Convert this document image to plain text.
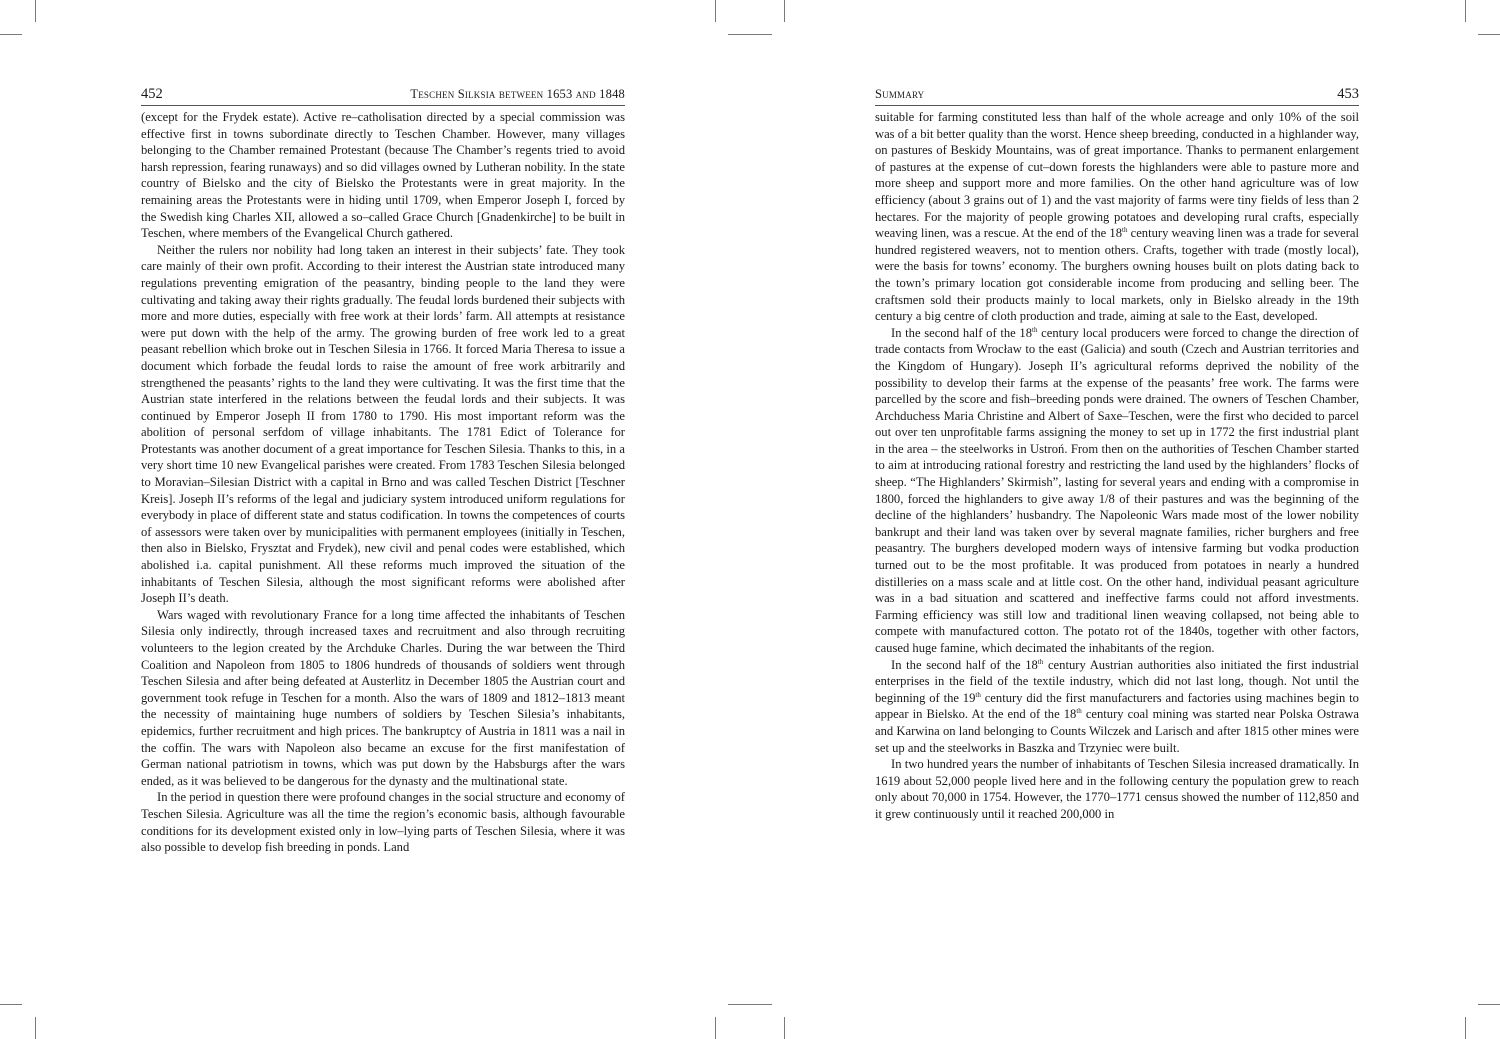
452	Teschen Silksia between 1653 and 1848

(except for the Frydek estate). Active re–catholisation directed by a special commission was effective first in towns subordinate directly to Teschen Chamber. However, many villages belonging to the Chamber remained Protestant (because The Chamber’s regents tried to avoid harsh repression, fearing runaways) and so did villages owned by Lutheran nobility. In the state country of Bielsko and the city of Bielsko the Protestants were in great majority. In the remaining areas the Protestants were in hiding until 1709, when Emperor Joseph I, forced by the Swedish king Charles XII, allowed a so–called Grace Church [Gnadenkirche] to be built in Teschen, where members of the Evangelical Church gathered.

Neither the rulers nor nobility had long taken an interest in their subjects’ fate. They took care mainly of their own profit. According to their interest the Austrian state introduced many regulations preventing emigration of the peasantry, binding people to the land they were cultivating and taking away their rights gradually. The feudal lords burdened their subjects with more and more duties, especially with free work at their lords’ farm. All attempts at resistance were put down with the help of the army. The growing burden of free work led to a great peasant rebellion which broke out in Teschen Silesia in 1766. It forced Maria Theresa to issue a document which forbade the feudal lords to raise the amount of free work arbitrarily and strengthened the peasants’ rights to the land they were cultivating. It was the first time that the Austrian state interfered in the relations between the feudal lords and their subjects. It was continued by Emperor Joseph II from 1780 to 1790. His most important reform was the abolition of personal serfdom of village inhabitants. The 1781 Edict of Tolerance for Protestants was another document of a great importance for Teschen Silesia. Thanks to this, in a very short time 10 new Evangelical parishes were created. From 1783 Teschen Silesia belonged to Moravian–Silesian District with a capital in Brno and was called Teschen District [Teschner Kreis]. Joseph II’s reforms of the legal and judiciary system introduced uniform regulations for everybody in place of different state and status codification. In towns the competences of courts of assessors were taken over by municipalities with permanent employees (initially in Teschen, then also in Bielsko, Frysztat and Frydek), new civil and penal codes were established, which abolished i.a. capital punishment. All these reforms much improved the situation of the inhabitants of Teschen Silesia, although the most significant reforms were abolished after Joseph II’s death.

Wars waged with revolutionary France for a long time affected the inhabitants of Teschen Silesia only indirectly, through increased taxes and recruitment and also through recruiting volunteers to the legion created by the Archduke Charles. During the war between the Third Coalition and Napoleon from 1805 to 1806 hundreds of thousands of soldiers went through Teschen Silesia and after being defeated at Austerlitz in December 1805 the Austrian court and government took refuge in Teschen for a month. Also the wars of 1809 and 1812–1813 meant the necessity of maintaining huge numbers of soldiers by Teschen Silesia’s inhabitants, epidemics, further recruitment and high prices. The bankruptcy of Austria in 1811 was a nail in the coffin. The wars with Napoleon also became an excuse for the first manifestation of German national patriotism in towns, which was put down by the Habsburgs after the wars ended, as it was believed to be dangerous for the dynasty and the multinational state.

In the period in question there were profound changes in the social structure and economy of Teschen Silesia. Agriculture was all the time the region’s economic basis, although favourable conditions for its development existed only in low–lying parts of Teschen Silesia, where it was also possible to develop fish breeding in ponds. Land

Summary	453

suitable for farming constituted less than half of the whole acreage and only 10% of the soil was of a bit better quality than the worst. Hence sheep breeding, conducted in a highlander way, on pastures of Beskidy Mountains, was of great importance. Thanks to permanent enlargement of pastures at the expense of cut–down forests the highlanders were able to pasture more and more sheep and support more and more families. On the other hand agriculture was of low efficiency (about 3 grains out of 1) and the vast majority of farms were tiny fields of less than 2 hectares. For the majority of people growing potatoes and developing rural crafts, especially weaving linen, was a rescue. At the end of the 18th century weaving linen was a trade for several hundred registered weavers, not to mention others. Crafts, together with trade (mostly local), were the basis for towns’ economy. The burghers owning houses built on plots dating back to the town’s primary location got considerable income from producing and selling beer. The craftsmen sold their products mainly to local markets, only in Bielsko already in the 19th century a big centre of cloth production and trade, aiming at sale to the East, developed.

In the second half of the 18th century local producers were forced to change the direction of trade contacts from Wrocław to the east (Galicia) and south (Czech and Austrian territories and the Kingdom of Hungary). Joseph II’s agricultural reforms deprived the nobility of the possibility to develop their farms at the expense of the peasants’ free work. The farms were parcelled by the score and fish–breeding ponds were drained. The owners of Teschen Chamber, Archduchess Maria Christine and Albert of Saxe–Teschen, were the first who decided to parcel out over ten unprofitable farms assigning the money to set up in 1772 the first industrial plant in the area – the steelworks in Ustroń. From then on the authorities of Teschen Chamber started to aim at introducing rational forestry and restricting the land used by the highlanders’ flocks of sheep. “The Highlanders’ Skirmish”, lasting for several years and ending with a compromise in 1800, forced the highlanders to give away 1/8 of their pastures and was the beginning of the decline of the highlanders’ husbandry. The Napoleonic Wars made most of the lower nobility bankrupt and their land was taken over by several magnate families, richer burghers and free peasantry. The burghers developed modern ways of intensive farming but vodka production turned out to be the most profitable. It was produced from potatoes in nearly a hundred distilleries on a mass scale and at little cost. On the other hand, individual peasant agriculture was in a bad situation and scattered and ineffective farms could not afford investments. Farming efficiency was still low and traditional linen weaving collapsed, not being able to compete with manufactured cotton. The potato rot of the 1840s, together with other factors, caused huge famine, which decimated the inhabitants of the region.

In the second half of the 18th century Austrian authorities also initiated the first industrial enterprises in the field of the textile industry, which did not last long, though. Not until the beginning of the 19th century did the first manufacturers and factories using machines begin to appear in Bielsko. At the end of the 18th century coal mining was started near Polska Ostrawa and Karwina on land belonging to Counts Wilczek and Larisch and after 1815 other mines were set up and the steelworks in Baszka and Trzyniec were built.

In two hundred years the number of inhabitants of Teschen Silesia increased dramatically. In 1619 about 52,000 people lived here and in the following century the population grew to reach only about 70,000 in 1754. However, the 1770–1771 census showed the number of 112,850 and it grew continuously until it reached 200,000 in
